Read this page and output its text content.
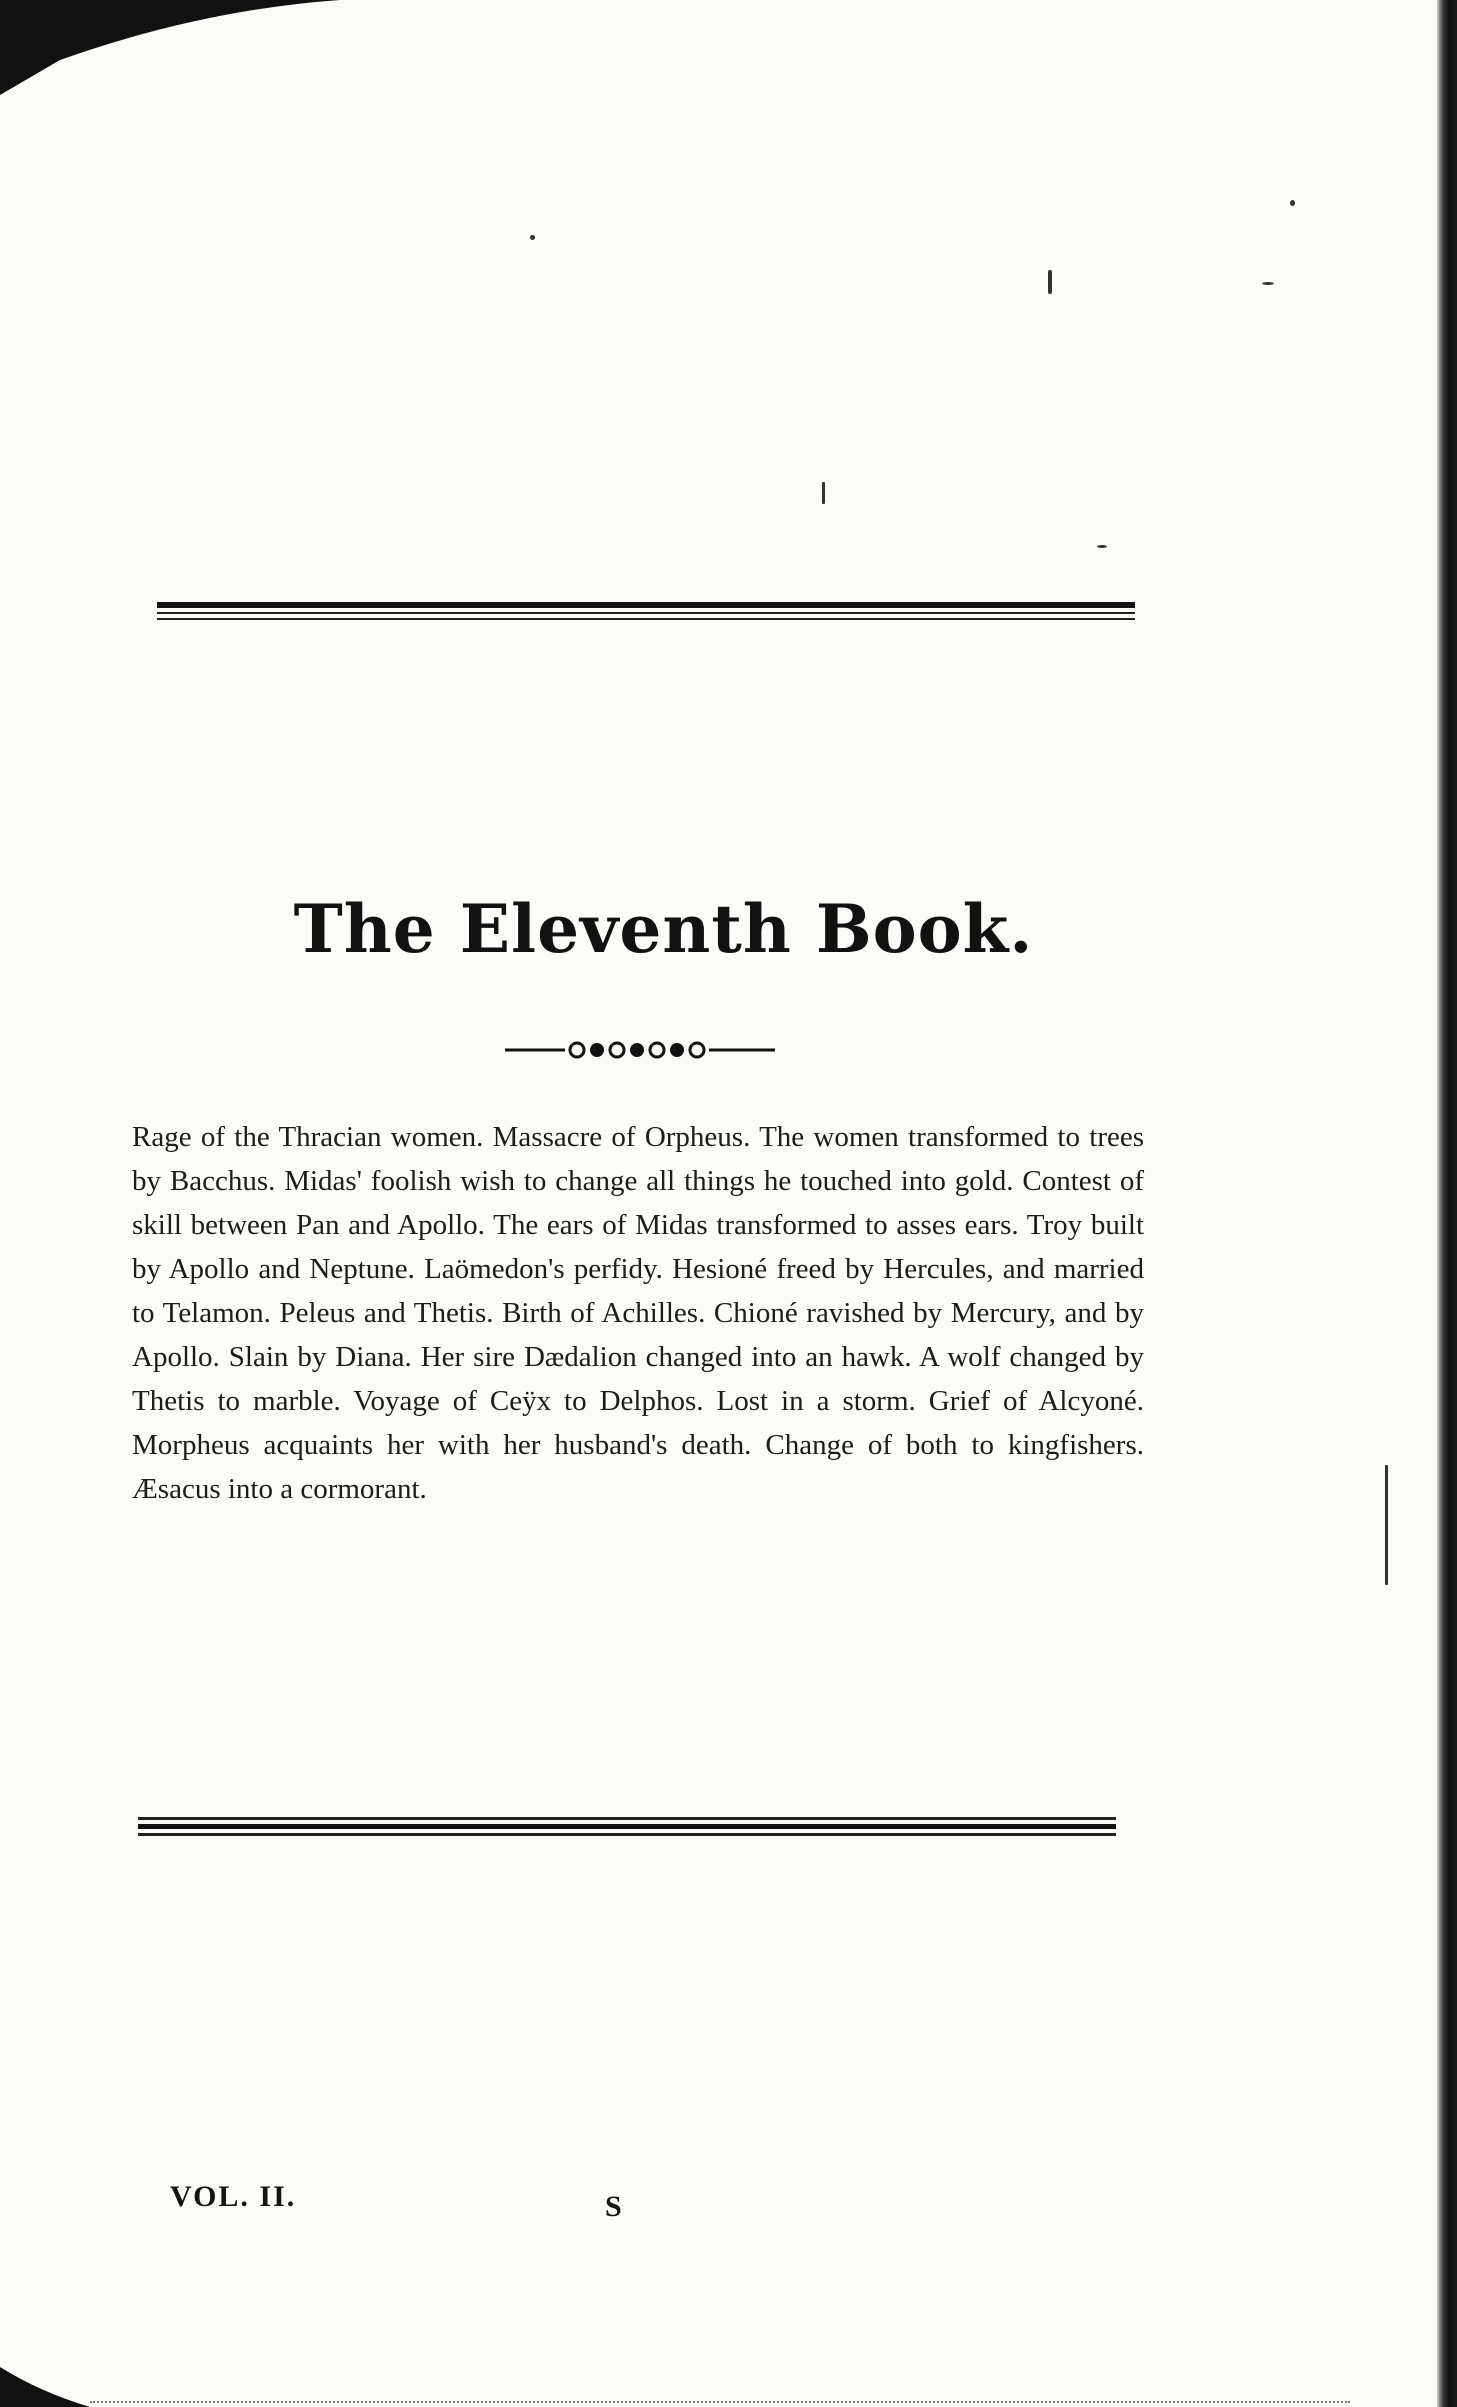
The Eleventh Book.
o●o●o●o
Rage of the Thracian women. Massacre of Orpheus. The women transformed to trees by Bacchus. Midas' foolish wish to change all things he touched into gold. Contest of skill between Pan and Apollo. The ears of Midas transformed to asses ears. Troy built by Apollo and Neptune. Laömedon's perfidy. Hesioné freed by Hercules, and married to Telamon. Peleus and Thetis. Birth of Achilles. Chioné ravished by Mercury, and by Apollo. Slain by Diana. Her sire Dædalion changed into an hawk. A wolf changed by Thetis to marble. Voyage of Ceÿx to Delphos. Lost in a storm. Grief of Alcyoné. Morpheus acquaints her with her husband's death. Change of both to kingfishers. Æsacus into a cormorant.
VOL. II.	S
